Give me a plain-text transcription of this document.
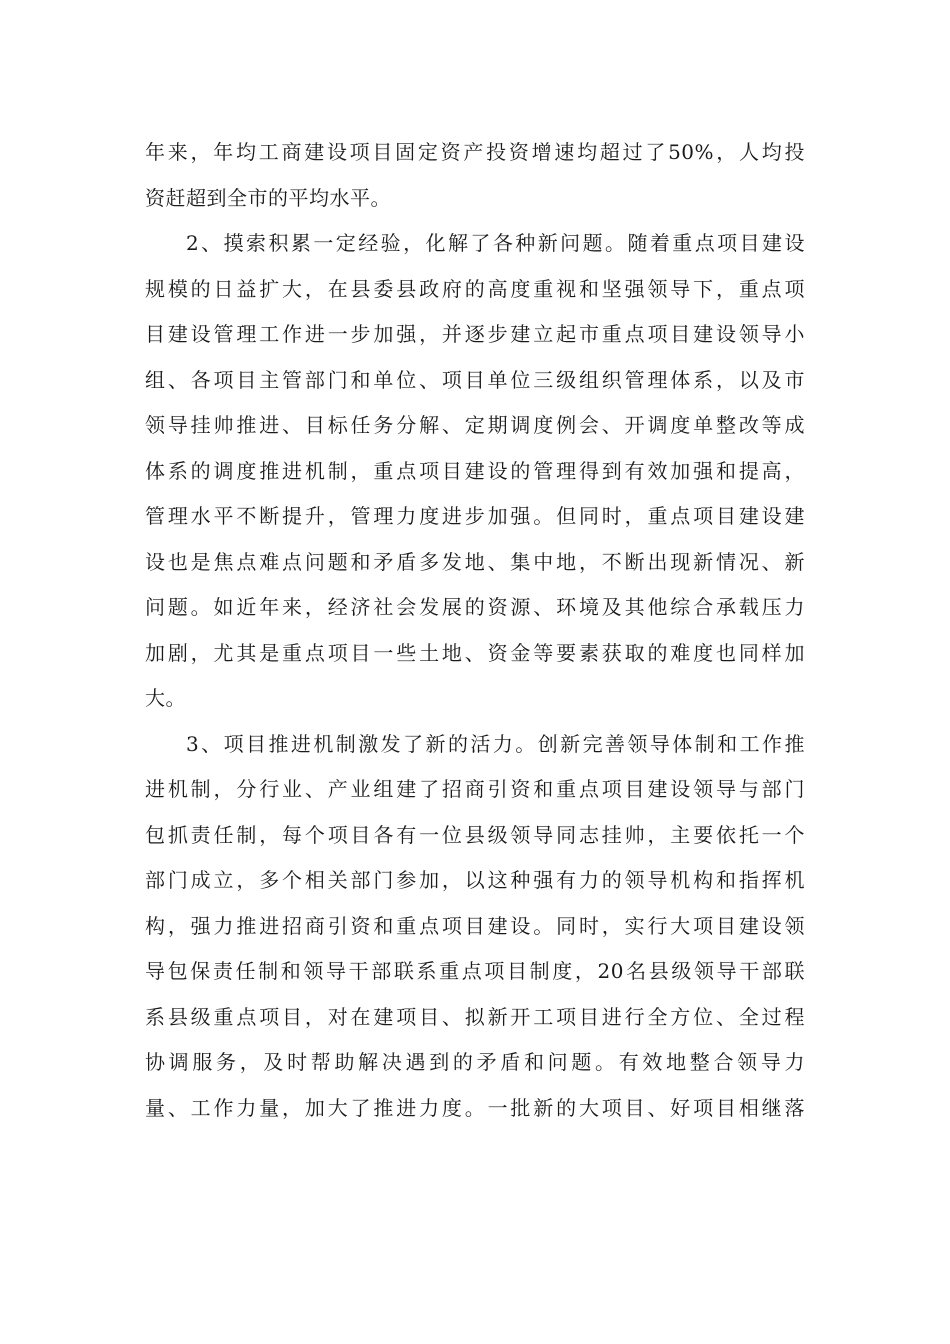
年来，年均工商建设项目固定资产投资增速均超过了50%，人均投
资赶超到全市的平均水平。
2、摸索积累一定经验，化解了各种新问题。随着重点项目建设
规模的日益扩大，在县委县政府的高度重视和坚强领导下，重点项
目建设管理工作进一步加强，并逐步建立起市重点项目建设领导小
组、各项目主管部门和单位、项目单位三级组织管理体系，以及市
领导挂帅推进、目标任务分解、定期调度例会、开调度单整改等成
体系的调度推进机制，重点项目建设的管理得到有效加强和提高，
管理水平不断提升，管理力度进步加强。但同时，重点项目建设建
设也是焦点难点问题和矛盾多发地、集中地，不断出现新情况、新
问题。如近年来，经济社会发展的资源、环境及其他综合承载压力
加剧，尤其是重点项目一些土地、资金等要素获取的难度也同样加
大。
3、项目推进机制激发了新的活力。创新完善领导体制和工作推
进机制，分行业、产业组建了招商引资和重点项目建设领导与部门
包抓责任制，每个项目各有一位县级领导同志挂帅，主要依托一个
部门成立，多个相关部门参加，以这种强有力的领导机构和指挥机
构，强力推进招商引资和重点项目建设。同时，实行大项目建设领
导包保责任制和领导干部联系重点项目制度，20名县级领导干部联
系县级重点项目，对在建项目、拟新开工项目进行全方位、全过程
协调服务，及时帮助解决遇到的矛盾和问题。有效地整合领导力
量、工作力量，加大了推进力度。一批新的大项目、好项目相继落
